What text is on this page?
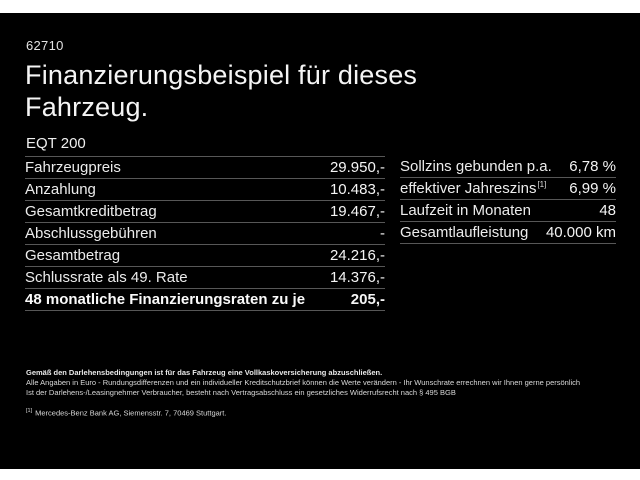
62710
Finanzierungsbeispiel für dieses
Fahrzeug.
EQT 200
Fahrzeugpreis	29.950,-
Anzahlung	10.483,-
Gesamtkreditbetrag	19.467,-
Abschlussgebühren	-
Gesamtbetrag	24.216,-
Schlussrate als 49. Rate	14.376,-
48 monatliche Finanzierungsraten zu je	205,-
Sollzins gebunden p.a. 6,78 %
effektiver Jahreszins[1] 6,99 %
Laufzeit in Monaten	48
Gesamtlaufleistung 40.000 km

Gemäß den Darlehensbedingungen ist für das Fahrzeug eine Vollkaskoversicherung abzuschließen.

Alle Angaben in Euro - Rundungsdifferenzen und ein individueller Kreditschutzbrief können die Werte verändern - Ihr Wunschrate errechnen wir Ihnen gerne persönlich

Ist der Darlehens-/Leasingnehmer Verbraucher, besteht nach Vertragsabschluss ein gesetzliches Widerrufsrecht nach § 495 BGB

[1] Mercedes-Benz Bank AG, Siemensstr. 7, 70469 Stuttgart.
